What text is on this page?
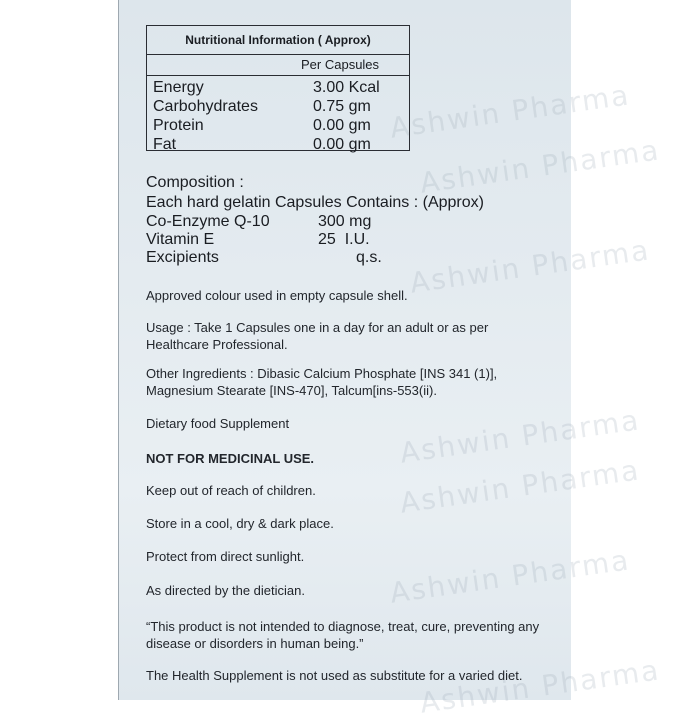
Ashwin Pharma
Ashwin Pharma
Ashwin Pharma
Ashwin Pharma
Ashwin Pharma
Ashwin Pharma
Ashwin Pharma
Nutritional Information ( Approx)
Per Capsules
Energy	3.00 Kcal
Carbohydrates	0.75 gm
Protein	0.00 gm
Fat	0.00 gm
Composition :
Each hard gelatin Capsules Contains : (Approx)
Co-Enzyme Q-10	300 mg
Vitamin E	25  I.U.
Excipients	q.s.
Approved colour used in empty capsule shell.
Usage : Take 1 Capsules one in a day for an adult or as per Healthcare Professional.
Other Ingredients : Dibasic Calcium Phosphate [INS 341 (1)], Magnesium Stearate [INS-470], Talcum[ins-553(ii).
Dietary food Supplement
NOT FOR MEDICINAL USE.
Keep out of reach of children.
Store in a cool, dry & dark place.
Protect from direct sunlight.
As directed by the dietician.
“This product is not intended to diagnose, treat, cure, preventing any disease or disorders in human being.”
The Health Supplement is not used as substitute for a varied diet.
